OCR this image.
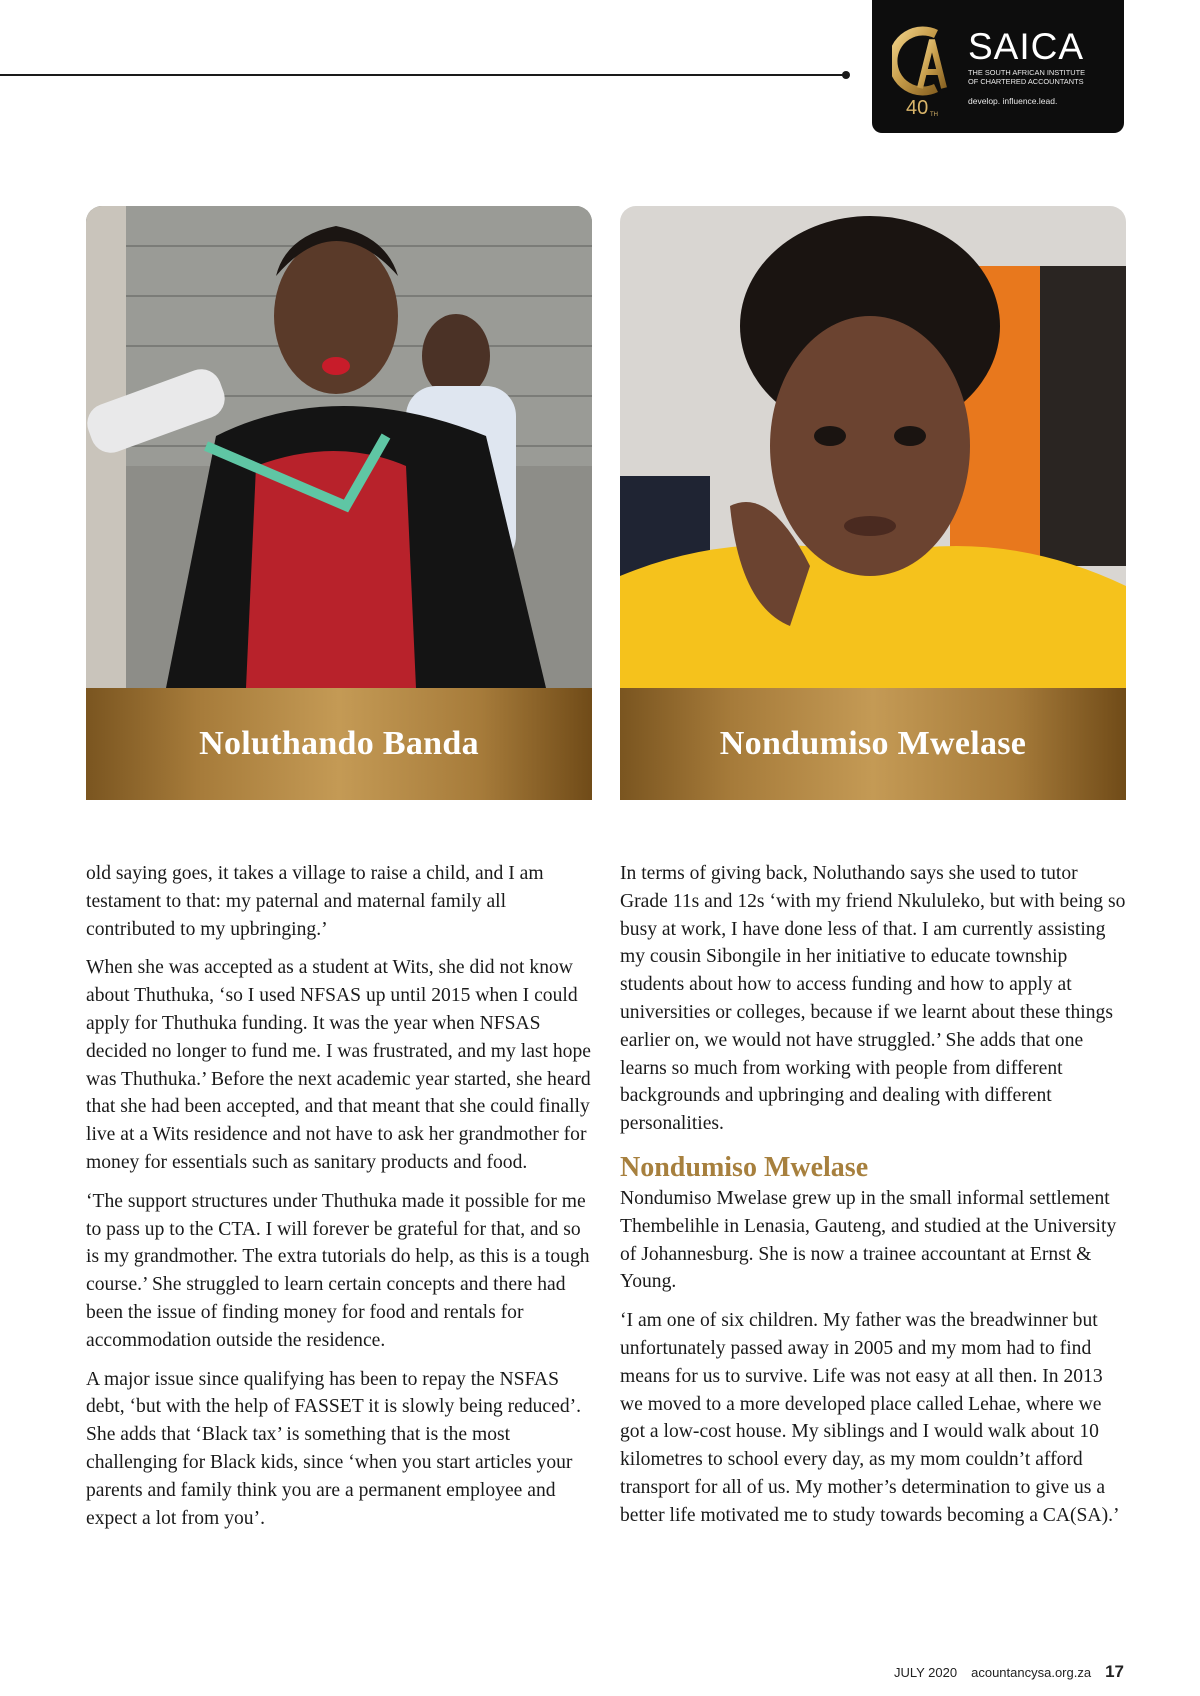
40 TH
SAICA
THE SOUTH AFRICAN INSTITUTE
OF CHARTERED ACCOUNTANTS
develop. influence.lead.
Noluthando Banda	Nondumiso Mwelase

old saying goes, it takes a village to raise a child, and I am testament to that: my paternal and maternal family all contributed to my upbringing.’

When she was accepted as a student at Wits, she did not know about Thuthuka, ‘so I used NFSAS up until 2015 when I could apply for Thuthuka funding. It was the year when NFSAS decided no longer to fund me. I was frustrated, and my last hope was Thuthuka.’ Before the next academic year started, she heard that she had been accepted, and that meant that she could finally live at a Wits residence and not have to ask her grandmother for money for essentials such as sanitary products and food.

‘The support structures under Thuthuka made it possible for me to pass up to the CTA. I will forever be grateful for that, and so is my grandmother. The extra tutorials do help, as this is a tough course.’ She struggled to learn certain concepts and there had been the issue of finding money for food and rentals for accommodation outside the residence.

A major issue since qualifying has been to repay the NSFAS debt, ‘but with the help of FASSET it is slowly being reduced’. She adds that ‘Black tax’ is something that is the most challenging for Black kids, since ‘when you start articles your parents and family think you are a permanent employee and expect a lot from you’.

In terms of giving back, Noluthando says she used to tutor Grade 11s and 12s ‘with my friend Nkululeko, but with being so busy at work, I have done less of that. I am currently assisting my cousin Sibongile in her initiative to educate township students about how to access funding and how to apply at universities or colleges, because if we learnt about these things earlier on, we would not have struggled.’ She adds that one learns so much from working with people from different backgrounds and upbringing and dealing with different personalities.

Nondumiso Mwelase

Nondumiso Mwelase grew up in the small informal settlement Thembelihle in Lenasia, Gauteng, and studied at the University of Johannesburg. She is now a trainee accountant at Ernst & Young.

‘I am one of six children. My father was the breadwinner but unfortunately passed away in 2005 and my mom had to find means for us to survive. Life was not easy at all then. In 2013 we moved to a more developed place called Lehae, where we got a low-cost house. My siblings and I would walk about 10 kilometres to school every day, as my mom couldn’t afford transport for all of us. My mother’s determination to give us a better life motivated me to study towards becoming a CA(SA).’

JULY 2020 acountancysa.org.za 17
